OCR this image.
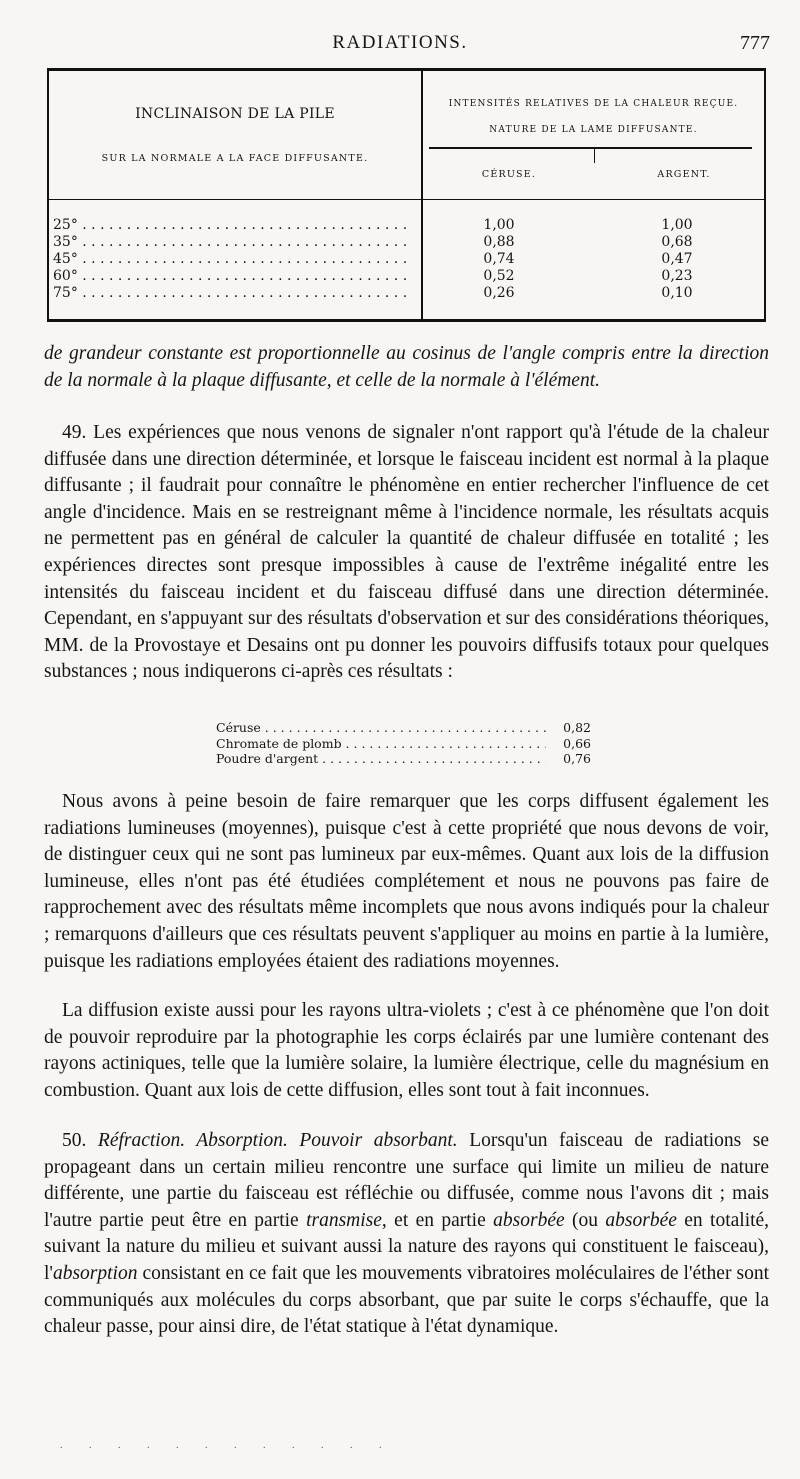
RADIATIONS.	777
INCLINAISON DE LA PILE
SUR LA NORMALE A LA FACE DIFFUSANTE.
INTENSITÉS RELATIVES DE LA CHALEUR REÇUE.
NATURE DE LA LAME DIFFUSANTE.
CÉRUSE.	ARGENT.
25° . . .	1,00	1,00
35° . . .	0,88	0,68
45° . . .	0,74	0,47
60° . . .	0,52	0,23
75° . . .	0,26	0,10

de grandeur constante est proportionnelle au cosinus de l'angle compris entre la direction de la normale à la plaque diffusante, et celle de la normale à l'élément.

49. Les expériences que nous venons de signaler n'ont rapport qu'à l'étude de la chaleur diffusée dans une direction déterminée, et lorsque le faisceau incident est normal à la plaque diffusante ; il faudrait pour connaître le phénomène en entier rechercher l'influence de cet angle d'incidence. Mais en se restreignant même à l'incidence normale, les résultats acquis ne permettent pas en général de calculer la quantité de chaleur diffusée en totalité ; les expériences directes sont presque impossibles à cause de l'extrême inégalité entre les intensités du faisceau incident et du faisceau diffusé dans une direction déterminée. Cependant, en s'appuyant sur des résultats d'observation et sur des considérations théoriques, MM. de la Provostaye et Desains ont pu donner les pouvoirs diffusifs totaux pour quelques substances ; nous indiquerons ci-après ces résultats :

Céruse . . .	0,82
Chromate de plomb . . .	0,66
Poudre d'argent . . .	0,76

Nous avons à peine besoin de faire remarquer que les corps diffusent également les radiations lumineuses (moyennes), puisque c'est à cette propriété que nous devons de voir, de distinguer ceux qui ne sont pas lumineux par eux-mêmes. Quant aux lois de la diffusion lumineuse, elles n'ont pas été étudiées complétement et nous ne pouvons pas faire de rapprochement avec des résultats même incomplets que nous avons indiqués pour la chaleur ; remarquons d'ailleurs que ces résultats peuvent s'appliquer au moins en partie à la lumière, puisque les radiations employées étaient des radiations moyennes.

La diffusion existe aussi pour les rayons ultra-violets ; c'est à ce phénomène que l'on doit de pouvoir reproduire par la photographie les corps éclairés par une lumière contenant des rayons actiniques, telle que la lumière solaire, la lumière électrique, celle du magnésium en combustion. Quant aux lois de cette diffusion, elles sont tout à fait inconnues.

50. Réfraction. Absorption. Pouvoir absorbant. Lorsqu'un faisceau de radiations se propageant dans un certain milieu rencontre une surface qui limite un milieu de nature différente, une partie du faisceau est réfléchie ou diffusée, comme nous l'avons dit ; mais l'autre partie peut être en partie transmise, et en partie absorbée (ou absorbée en totalité, suivant la nature du milieu et suivant aussi la nature des rayons qui constituent le faisceau), l'absorption consistant en ce fait que les mouvements vibratoires moléculaires de l'éther sont communiqués aux molécules du corps absorbant, que par suite le corps s'échauffe, que la chaleur passe, pour ainsi dire, de l'état statique à l'état dynamique.

. . . . . . . . . . . .
